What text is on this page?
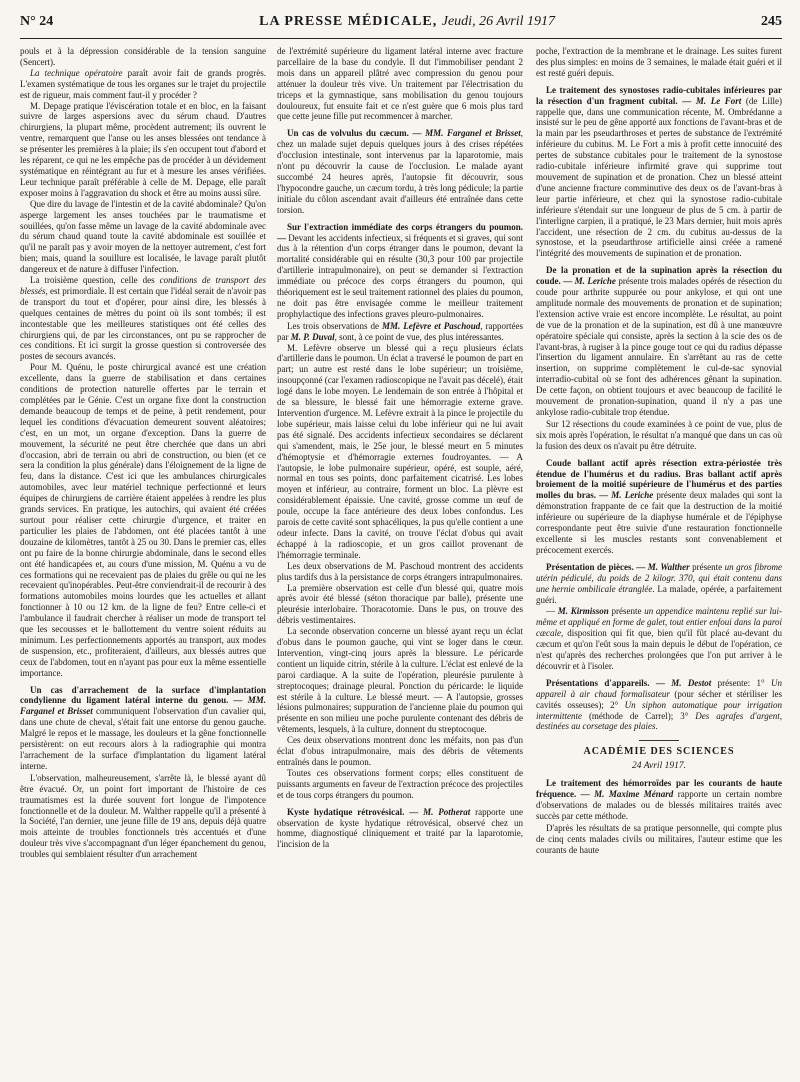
N° 24	LA PRESSE MÉDICALE, Jeudi, 26 Avril 1917	245

pouls et à la dépression considérable de la tension sanguine (Sencert).

La technique opératoire paraît avoir fait de grands progrès. L'examen systématique de tous les organes sur le trajet du projectile est de rigueur, mais comment faut-il y procéder ?

M. Depage pratique l'éviscération totale et en bloc, en la faisant suivre de larges aspersions avec du sérum chaud. D'autres chirurgiens, la plupart même, procèdent autrement; ils ouvrent le ventre, remarquent que l'anse ou les anses blessées ont tendance à se présenter les premières à la plaie; ils s'en occupent tout d'abord et les réparent, ce qui ne les empêche pas de procéder à un dévidement systématique en réintégrant au fur et à mesure les anses vérifiées. Leur technique paraît préférable à celle de M. Depage, elle paraît exposer moins à l'aggravation du shock et être au moins aussi sûre.

Que dire du lavage de l'intestin et de la cavité abdominale? Qu'on asperge largement les anses touchées par le traumatisme et souillées, qu'on fasse même un lavage de la cavité abdominale avec du sérum chaud quand toute la cavité abdominale est souillée et qu'il ne paraît pas y avoir moyen de la nettoyer autrement, c'est fort bien; mais, quand la souillure est localisée, le lavage paraît plutôt dangereux et de nature à diffuser l'infection.

La troisième question, celle des conditions de transport des blessés, est primordiale. Il est certain que l'idéal serait de n'avoir pas de transport du tout et d'opérer, pour ainsi dire, les blessés à quelques centaines de mètres du point où ils sont tombés; il est incontestable que les meilleures statistiques ont été celles des chirurgiens qui, de par les circonstances, ont pu se rapprocher de ces conditions. Et ici surgit la grosse question si controversée des postes de secours avancés.

Pour M. Quénu, le poste chirurgical avancé est une création excellente, dans la guerre de stabilisation et dans certaines conditions de protection naturelle offertes par le terrain et complétées par le Génie. C'est un organe fixe dont la construction demande beaucoup de temps et de peine, à petit rendement, pour lequel les conditions d'évacuation demeurent souvent aléatoires; c'est, en un mot, un organe d'exception. Dans la guerre de mouvement, la sécurité ne peut être cherchée que dans un abri d'occasion, abri de terrain ou abri de construction, ou bien (et ce sera la condition la plus générale) dans l'éloignement de la ligne de feu, dans la distance. C'est ici que les ambulances chirurgicales automobiles, avec leur matériel technique perfectionné et leurs équipes de chirurgiens de carrière étaient appelées à rendre les plus grands services. En pratique, les autochirs, qui avaient été créées surtout pour réaliser cette chirurgie d'urgence, et traiter en particulier les plaies de l'abdomen, ont été placées tantôt à une douzaine de kilomètres, tantôt à 25 ou 30. Dans le premier cas, elles ont pu faire de la bonne chirurgie abdominale, dans le second elles ont été handicapées et, au cours d'une mission, M. Quénu a vu de ces formations qui ne recevaient pas de plaies du grêle ou qui ne les recevaient qu'inopérables. Peut-être conviendrait-il de recourir à des formations automobiles moins lourdes que les actuelles et allant fonctionner à 10 ou 12 km. de la ligne de feu? Entre celle-ci et l'ambulance il faudrait chercher à réaliser un mode de transport tel que les secousses et le ballottement du ventre soient réduits au minimum. Les perfectionnements apportés au transport, aux modes de suspension, etc., profiteraient, d'ailleurs, aux blessés autres que ceux de l'abdomen, tout en n'ayant pas pour eux la même essentielle importance.

Un cas d'arrachement de la surface d'implantation condylienne du ligament latéral interne du genou. — MM. Farganel et Brisset communiquent l'observation d'un cavalier qui, dans une chute de cheval, s'était fait une entorse du genou gauche. Malgré le repos et le massage, les douleurs et la gêne fonctionnelle persistèrent: on eut recours alors à la radiographie qui montra l'arrachement de la surface d'implantation du ligament latéral interne.

L'observation, malheureusement, s'arrête là, le blessé ayant dû être évacué. Or, un point fort important de l'histoire de ces traumatismes est la durée souvent fort longue de l'impotence fonctionnelle et de la douleur. M. Walther rappelle qu'il a présenté à la Société, l'an dernier, une jeune fille de 19 ans, depuis déjà quatre mois atteinte de troubles fonctionnels très accentués et d'une douleur très vive s'accompagnant d'un léger épanchement du genou, troubles qui semblaient résulter d'un arrachement

de l'extrémité supérieure du ligament latéral interne avec fracture parcellaire de la base du condyle. Il dut l'immobiliser pendant 2 mois dans un appareil plâtré avec compression du genou pour atténuer la douleur très vive. Un traitement par l'électrisation du triceps et la gymnastique, sans mobilisation du genou toujours douloureux, fut ensuite fait et ce n'est guère que 6 mois plus tard que cette jeune fille put recommencer à marcher.

Un cas de volvulus du cæcum. — MM. Farganel et Brisset, chez un malade sujet depuis quelques jours à des crises répétées d'occlusion intestinale, sont intervenus par la laparotomie, mais n'ont pu découvrir la cause de l'occlusion. Le malade ayant succombé 24 heures après, l'autopsie fit découvrir, sous l'hypocondre gauche, un cæcum tordu, à très long pédicule; la partie initiale du côlon ascendant avait d'ailleurs été entraînée dans cette torsion.
Sur l'extraction immédiate des corps étrangers du poumon. — Devant les accidents infectieux, si fréquents et si graves, qui sont dus à la rétention d'un corps étranger dans le poumon, devant la mortalité considérable qui en résulte (30,3 pour 100 par projectile d'artillerie intrapulmonaire), on peut se demander si l'extraction immédiate ou précoce des corps étrangers du poumon, qui théoriquement est le seul traitement rationnel des plaies du poumon, ne doit pas être envisagée comme le meilleur traitement prophylactique des infections graves pleuro-pulmonaires.

Les trois observations de MM. Lefèvre et Paschoud, rapportées par M. P. Duval, sont, à ce point de vue, des plus intéressantes.

M. Lefèvre observe un blessé qui a reçu plusieurs éclats d'artillerie dans le poumon. Un éclat a traversé le poumon de part en part; un autre est resté dans le lobe supérieur; un troisième, insoupçonné (car l'examen radioscopique ne l'avait pas décelé), était logé dans le lobe moyen. Le lendemain de son entrée à l'hôpital et de sa blessure, le blessé fait une hémorragie externe grave. Intervention d'urgence. M. Lefèvre extrait à la pince le projectile du lobe supérieur, mais laisse celui du lobe inférieur qui ne lui avait pas été signalé. Des accidents infectieux secondaires se déclarent qui s'amendent, mais, le 25e jour, le blessé meurt en 5 minutes d'hémoptysie et d'hémorragie externes foudroyantes. — A l'autopsie, le lobe pulmonaire supérieur, opéré, est souple, aéré, normal en tous ses points, donc parfaitement cicatrisé. Les lobes moyen et inférieur, au contraire, forment un bloc. La plèvre est considérablement épaissie. Une cavité, grosse comme un œuf de poule, occupe la face antérieure des deux lobes confondus. Les parois de cette cavité sont sphacéliques, la pus qu'elle contient a une odeur infecte. Dans la cavité, on trouve l'éclat d'obus qui avait échappé à la radioscopie, et un gros caillot provenant de l'hémorragie terminale.

Les deux observations de M. Paschoud montrent des accidents plus tardifs dus à la persistance de corps étrangers intrapulmonaires.

La première observation est celle d'un blessé qui, quatre mois après avoir été blessé (séton thoracique par balle), présente une pleurésie interlobaire. Thoracotomie. Dans le pus, on trouve des débris vestimentaires.

La seconde observation concerne un blessé ayant reçu un éclat d'obus dans le poumon gauche, qui vint se loger dans le cœur. Intervention, vingt-cinq jours après la blessure. Le péricarde contient un liquide citrin, stérile à la culture. L'éclat est enlevé de la paroi cardiaque. A la suite de l'opération, pleurésie purulente à streptocoques; drainage pleural. Ponction du péricarde: le liquide est stérile à la culture. Le blessé meurt. — A l'autopsie, grosses lésions pulmonaires; suppuration de l'ancienne plaie du poumon qui présente en son milieu une poche purulente contenant des débris de vêtements, lesquels, à la culture, donnent du streptocoque.

Ces deux observations montrent donc les méfaits, non pas d'un éclat d'obus intrapulmonaire, mais des débris de vêtements entraînés dans le poumon.

Toutes ces observations forment corps; elles constituent de puissants arguments en faveur de l'extraction précoce des projectiles et de tous corps étrangers du poumon.

Kyste hydatique rétrovésical. — M. Potherat rapporte une observation de kyste hydatique rétrovésical, observé chez un homme, diagnostiqué cliniquement et traité par la laparotomie, l'incision de la

poche, l'extraction de la membrane et le drainage. Les suites furent des plus simples: en moins de 3 semaines, le malade était guéri et il est resté guéri depuis.

Le traitement des synostoses radio-cubitales inférieures par la résection d'un fragment cubital. — M. Le Fort (de Lille) rappelle que, dans une communication récente, M. Ombrédanne a insisté sur le peu de gêne apporté aux fonctions de l'avant-bras et de la main par les pseudarthroses et pertes de substance de l'extrémité inférieure du cubitus. M. Le Fort a mis à profit cette innocuité des pertes de substance cubitales pour le traitement de la synostose radio-cubitale inférieure infirmité grave qui supprime tout mouvement de supination et de pronation. Chez un blessé atteint d'une ancienne fracture comminutive des deux os de l'avant-bras à leur partie inférieure, et chez qui la synostose radio-cubitale inférieure s'étendait sur une longueur de plus de 5 cm. à partir de l'interligne carpien, il a pratiqué, le 23 Mars dernier, huit mois après l'accident, une résection de 2 cm. du cubitus au-dessus de la synostose, et la pseudarthrose artificielle ainsi créée a ramené l'intégrité des mouvements de supination et de pronation.
De la pronation et de la supination après la résection du coude. — M. Leriche présente trois malades opérés de résection du coude pour arthrite suppurée ou pour ankylose, et qui ont une amplitude normale des mouvements de pronation et de supination; l'extension active vraie est encore incomplète. Le résultat, au point de vue de la pronation et de la supination, est dû à une manœuvre opératoire spéciale qui consiste, après la section à la scie des os de l'avant-bras, à rugiser à la pince gouge tout ce qui du radius dépasse l'insertion du ligament annulaire. En s'arrêtant au ras de cette insertion, on supprime complètement le cul-de-sac synovial interradio-cubital où se font des adhérences gênant la supination. De cette façon, on obtient toujours et avec beaucoup de facilité le mouvement de pronation-supination, quand il n'y a pas une ankylose radio-cubitale trop étendue.

Sur 12 résections du coude examinées à ce point de vue, plus de six mois après l'opération, le résultat n'a manqué que dans un cas où la fusion des deux os n'avait pu être détruite.

Coude ballant actif après résection extra-périostée très étendue de l'humérus et du radius. Bras ballant actif après broiement de la moitié supérieure de l'humérus et des parties molles du bras. — M. Leriche présente deux malades qui sont la démonstration frappante de ce fait que la destruction de la moitié inférieure ou supérieure de la diaphyse humérale et de l'épiphyse correspondante peut être suivie d'une restauration fonctionnelle excellente si les muscles restants sont convenablement et précocement exercés.
Présentation de pièces. — M. Walther présente un gros fibrome utérin pédiculé, du poids de 2 kilogr. 370, qui était contenu dans une hernie ombilicale étranglée. La malade, opérée, a parfaitement guéri.

— M. Kirmisson présente un appendice maintenu replié sur lui-même et appliqué en forme de galet, tout entier enfoui dans la paroi cæcale, disposition qui fit que, bien qu'il fût placé au-devant du cæcum et qu'on l'eût sous la main depuis le début de l'opération, ce n'est qu'après des recherches prolongées que l'on put arriver à le découvrir et à l'isoler.

Présentations d'appareils. — M. Destot présente: 1° Un appareil à air chaud formalisateur (pour sécher et stériliser les cavités osseuses); 2° Un siphon automatique pour irrigation intermittente (méthode de Carrel); 3° Des agrafes d'argent, destinées au corsetage des plaies.
ACADÉMIE DES SCIENCES
24 Avril 1917.
Le traitement des hémorroïdes par les courants de haute fréquence. — M. Maxime Ménard rapporte un certain nombre d'observations de malades ou de blessés militaires traités avec succès par cette méthode.

D'après les résultats de sa pratique personnelle, qui compte plus de cinq cents malades civils ou militaires, l'auteur estime que les courants de haute
